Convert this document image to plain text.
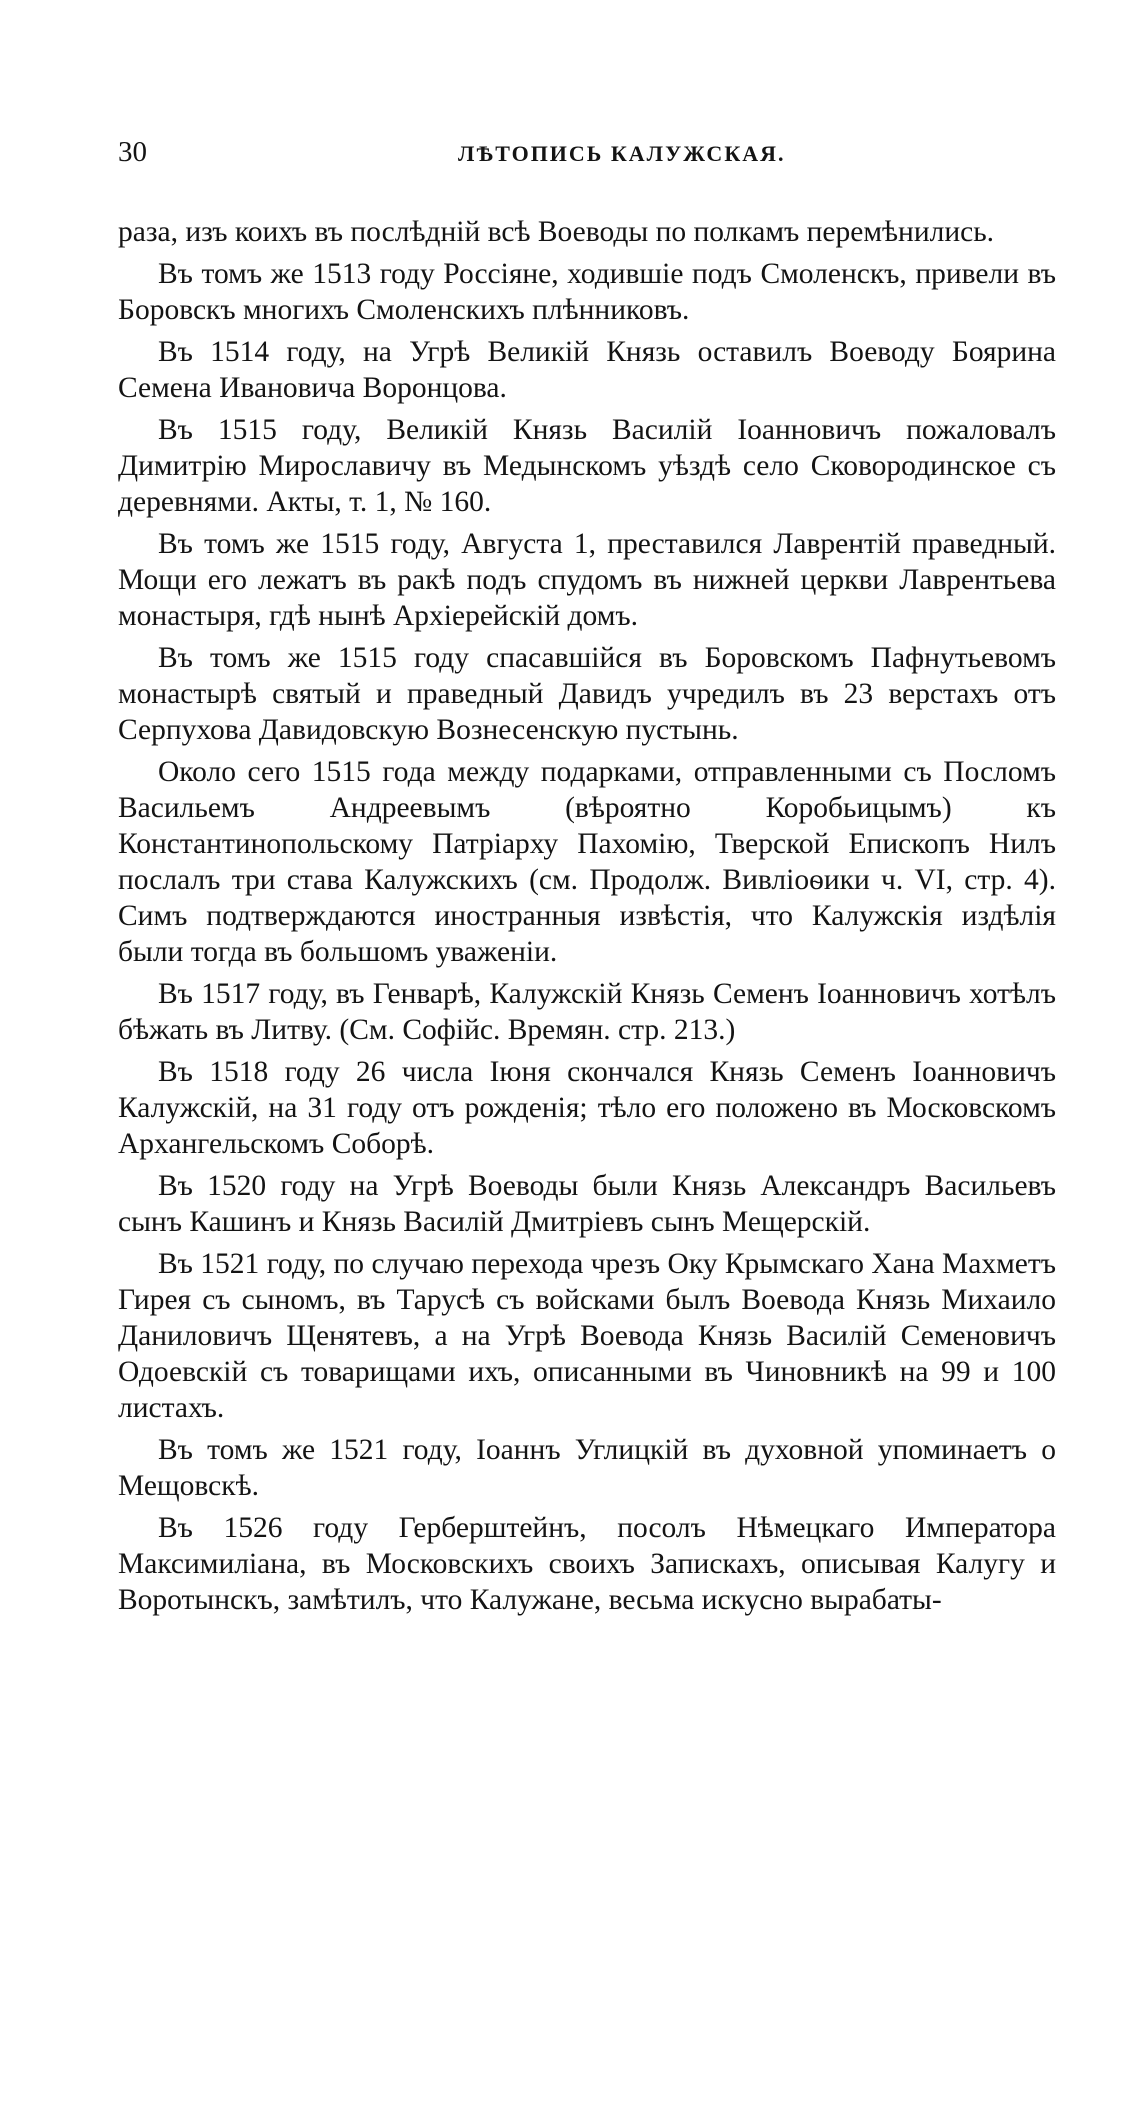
30	ЛѢТОПИСЬ КАЛУЖСКАЯ.

раза, изъ коихъ въ послѣднiй всѣ Воеводы по полкамъ перемѣнились.

Въ томъ же 1513 году Россiяне, ходившiе подъ Смоленскъ, привели въ Боровскъ многихъ Смоленскихъ плѣнниковъ.

Въ 1514 году, на Угрѣ Великiй Князь оставилъ Воеводу Боярина Семена Ивановича Воронцова.

Въ 1515 году, Великiй Князь Василiй Iоанновичъ пожаловалъ Димитрiю Мирославичу въ Медынскомъ уѣздѣ село Сковородинское съ деревнями. Акты, т. 1, № 160.

Въ томъ же 1515 году, Августа 1, преставился Лаврентiй праведный. Мощи его лежатъ въ ракѣ подъ спудомъ въ нижней церкви Лаврентьева монастыря, гдѣ нынѣ Архiерейскiй домъ.

Въ томъ же 1515 году спасавшiйся въ Боровскомъ Пафнутьевомъ монастырѣ святый и праведный Давидъ учредилъ въ 23 верстахъ отъ Серпухова Давидовскую Вознесенскую пустынь.

Около сего 1515 года между подарками, отправленными съ Посломъ Васильемъ Андреевымъ (вѣроятно Коробьицымъ) къ Константинопольскому Патрiарху Пахомiю, Тверской Епископъ Нилъ послалъ три става Калужскихъ (см. Продолж. Вивлiоѳики ч. VI, стр. 4). Симъ подтверждаются иностранныя извѣстiя, что Калужскiя издѣлiя были тогда въ большомъ уваженiи.

Въ 1517 году, въ Генварѣ, Калужскiй Князь Семенъ Iоанновичъ хотѣлъ бѣжать въ Литву. (См. Софiйс. Времян. стр. 213.)

Въ 1518 году 26 числа Iюня скончался Князь Семенъ Iоанновичъ Калужскiй, на 31 году отъ рожденiя; тѣло его положено въ Московскомъ Архангельскомъ Соборѣ.

Въ 1520 году на Угрѣ Воеводы были Князь Александръ Васильевъ сынъ Кашинъ и Князь Василiй Дмитрiевъ сынъ Мещерскiй.

Въ 1521 году, по случаю перехода чрезъ Оку Крымскаго Хана Махметъ Гирея съ сыномъ, въ Тарусѣ съ войсками былъ Воевода Князь Михаило Даниловичъ Щенятевъ, а на Угрѣ Воевода Князь Василiй Семеновичъ Одоевскiй съ товарищами ихъ, описанными въ Чиновникѣ на 99 и 100 листахъ.

Въ томъ же 1521 году, Iоаннъ Углицкiй въ духовной упоминаетъ о Мещовскѣ.

Въ 1526 году Герберштейнъ, посолъ Нѣмецкаго Императора Максимилiана, въ Московскихъ своихъ Запискахъ, описывая Калугу и Воротынскъ, замѣтилъ, что Калужане, весьма искусно вырабаты-
